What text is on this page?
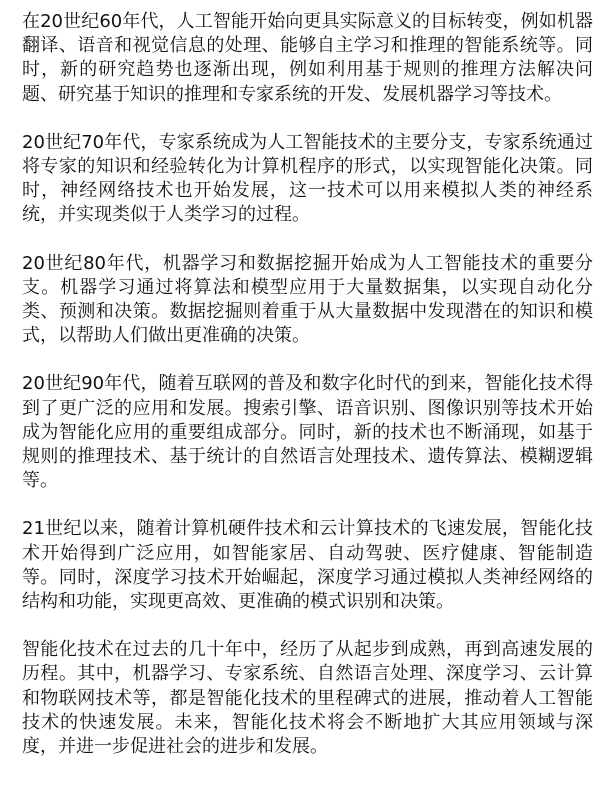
在20世纪60年代，人工智能开始向更具实际意义的目标转变，例如机器翻译、语音和视觉信息的处理、能够自主学习和推理的智能系统等。同时，新的研究趋势也逐渐出现，例如利用基于规则的推理方法解决问题、研究基于知识的推理和专家系统的开发、发展机器学习等技术。

20世纪70年代，专家系统成为人工智能技术的主要分支，专家系统通过将专家的知识和经验转化为计算机程序的形式，以实现智能化决策。同时，神经网络技术也开始发展，这一技术可以用来模拟人类的神经系统，并实现类似于人类学习的过程。

20世纪80年代，机器学习和数据挖掘开始成为人工智能技术的重要分支。机器学习通过将算法和模型应用于大量数据集，以实现自动化分类、预测和决策。数据挖掘则着重于从大量数据中发现潜在的知识和模式，以帮助人们做出更准确的决策。

20世纪90年代，随着互联网的普及和数字化时代的到来，智能化技术得到了更广泛的应用和发展。搜索引擎、语音识别、图像识别等技术开始成为智能化应用的重要组成部分。同时，新的技术也不断涌现，如基于规则的推理技术、基于统计的自然语言处理技术、遗传算法、模糊逻辑等。

21世纪以来，随着计算机硬件技术和云计算技术的飞速发展，智能化技术开始得到广泛应用，如智能家居、自动驾驶、医疗健康、智能制造等。同时，深度学习技术开始崛起，深度学习通过模拟人类神经网络的结构和功能，实现更高效、更准确的模式识别和决策。

智能化技术在过去的几十年中，经历了从起步到成熟，再到高速发展的历程。其中，机器学习、专家系统、自然语言处理、深度学习、云计算和物联网技术等，都是智能化技术的里程碑式的进展，推动着人工智能技术的快速发展。未来，智能化技术将会不断地扩大其应用领域与深度，并进一步促进社会的进步和发展。
